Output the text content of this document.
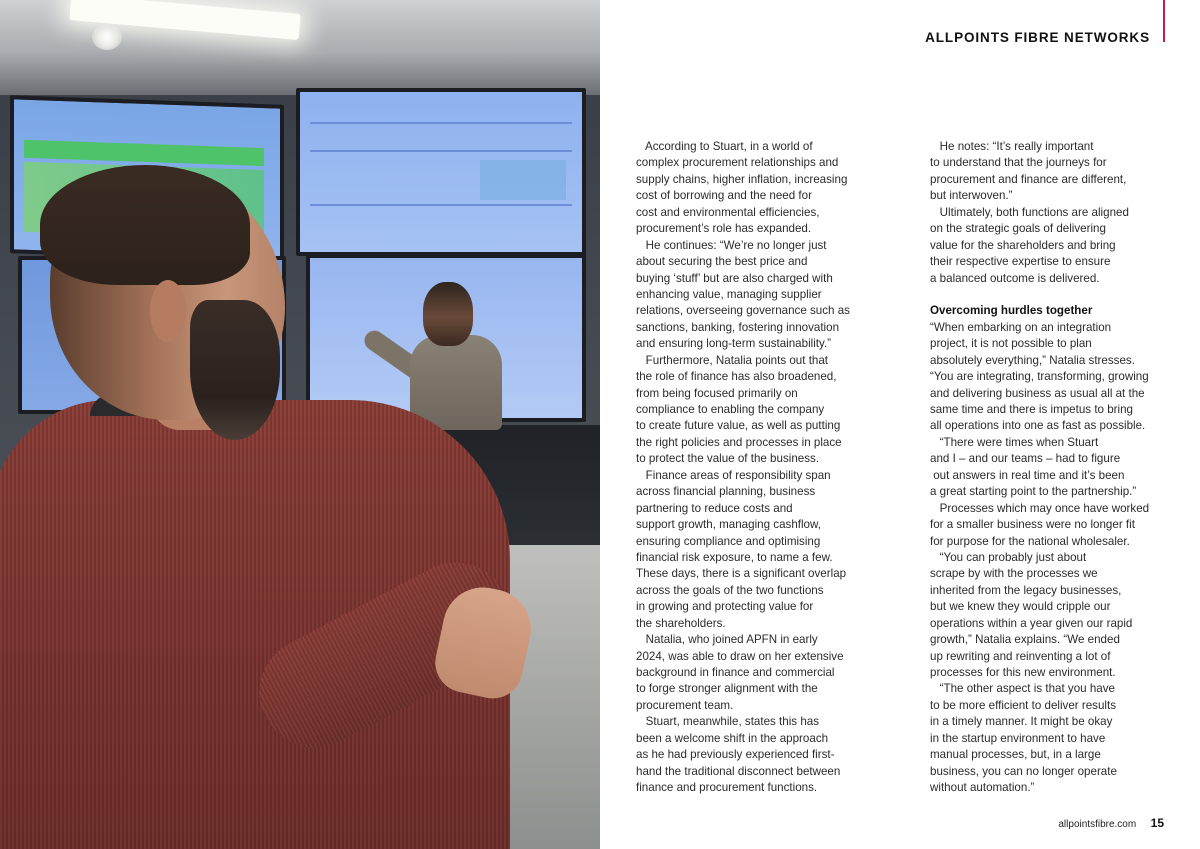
ALLPOINTS FIBRE NETWORKS
According to Stuart, in a world of
complex procurement relationships and
supply chains, higher inflation, increasing
cost of borrowing and the need for
cost and environmental efficiencies,
procurement’s role has expanded.
He continues: “We’re no longer just
about securing the best price and
buying ‘stuff’ but are also charged with
enhancing value, managing supplier
relations, overseeing governance such as
sanctions, banking, fostering innovation
and ensuring long-term sustainability.”
Furthermore, Natalia points out that
the role of finance has also broadened,
from being focused primarily on
compliance to enabling the company
to create future value, as well as putting
the right policies and processes in place
to protect the value of the business.
Finance areas of responsibility span
across financial planning, business
partnering to reduce costs and
support growth, managing cashflow,
ensuring compliance and optimising
financial risk exposure, to name a few.
These days, there is a significant overlap
across the goals of the two functions
in growing and protecting value for
the shareholders.
Natalia, who joined APFN in early
2024, was able to draw on her extensive
background in finance and commercial
to forge stronger alignment with the
procurement team.
Stuart, meanwhile, states this has
been a welcome shift in the approach
as he had previously experienced first-
hand the traditional disconnect between
finance and procurement functions.
He notes: “It’s really important
to understand that the journeys for
procurement and finance are different,
but interwoven.”
Ultimately, both functions are aligned
on the strategic goals of delivering
value for the shareholders and bring
their respective expertise to ensure
a balanced outcome is delivered.
Overcoming hurdles together
“When embarking on an integration
project, it is not possible to plan
absolutely everything,” Natalia stresses.
“You are integrating, transforming, growing
and delivering business as usual all at the
same time and there is impetus to bring
all operations into one as fast as possible.
“There were times when Stuart
and I – and our teams – had to figure
out answers in real time and it’s been
a great starting point to the partnership.”
Processes which may once have worked
for a smaller business were no longer fit
for purpose for the national wholesaler.
“You can probably just about
scrape by with the processes we
inherited from the legacy businesses,
but we knew they would cripple our
operations within a year given our rapid
growth,” Natalia explains. “We ended
up rewriting and reinventing a lot of
processes for this new environment.
“The other aspect is that you have
to be more efficient to deliver results
in a timely manner. It might be okay
in the startup environment to have
manual processes, but, in a large
business, you can no longer operate
without automation.”
allpointsfibre.com 15
